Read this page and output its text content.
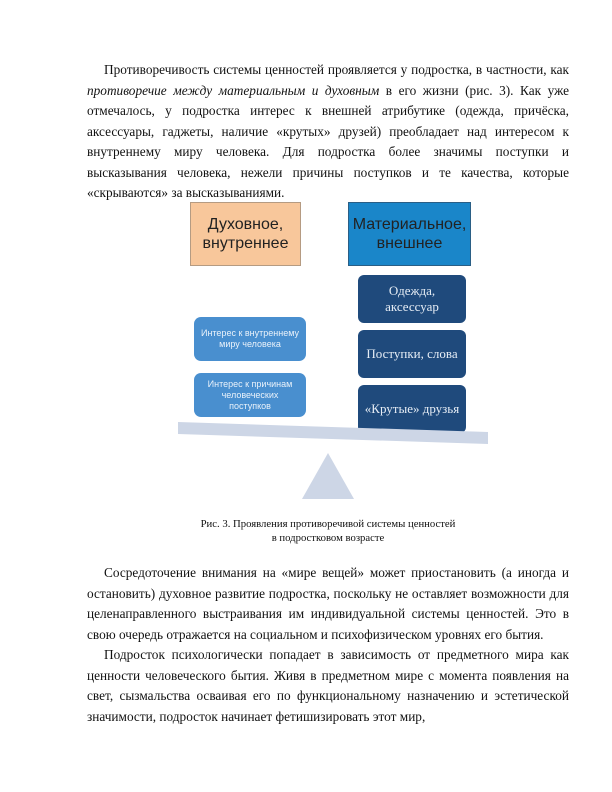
Противоречивость системы ценностей проявляется у подростка, в частности, как противоречие между материальным и духовным в его жизни (рис. 3). Как уже отмечалось, у подростка интерес к внешней атрибутике (одежда, причёска, аксессуары, гаджеты, наличие «крутых» друзей) преобладает над интересом к внутреннему миру человека. Для подростка более значимы поступки и высказывания человека, нежели причины поступков и те качества, которые «скрываются» за высказываниями.

Духовное, внутреннее
Материальное, внешнее
Одежда, аксессуар
Поступки, слова
«Крутые» друзья
Интерес к внутреннему миру человека
Интерес к причинам человеческих поступков
Рис. 3. Проявления противоречивой системы ценностей
в подростковом возрасте

Сосредоточение внимания на «мире вещей» может приостановить (а иногда и остановить) духовное развитие подростка, поскольку не оставляет возможности для целенаправленного выстраивания им индивидуальной системы ценностей. Это в свою очередь отражается на социальном и психофизическом уровнях его бытия.

Подросток психологически попадает в зависимость от предметного мира как ценности человеческого бытия. Живя в предметном мире с момента появления на свет, сызмальства осваивая его по функциональному назначению и эстетической значимости, подросток начинает фетишизировать этот мир,
